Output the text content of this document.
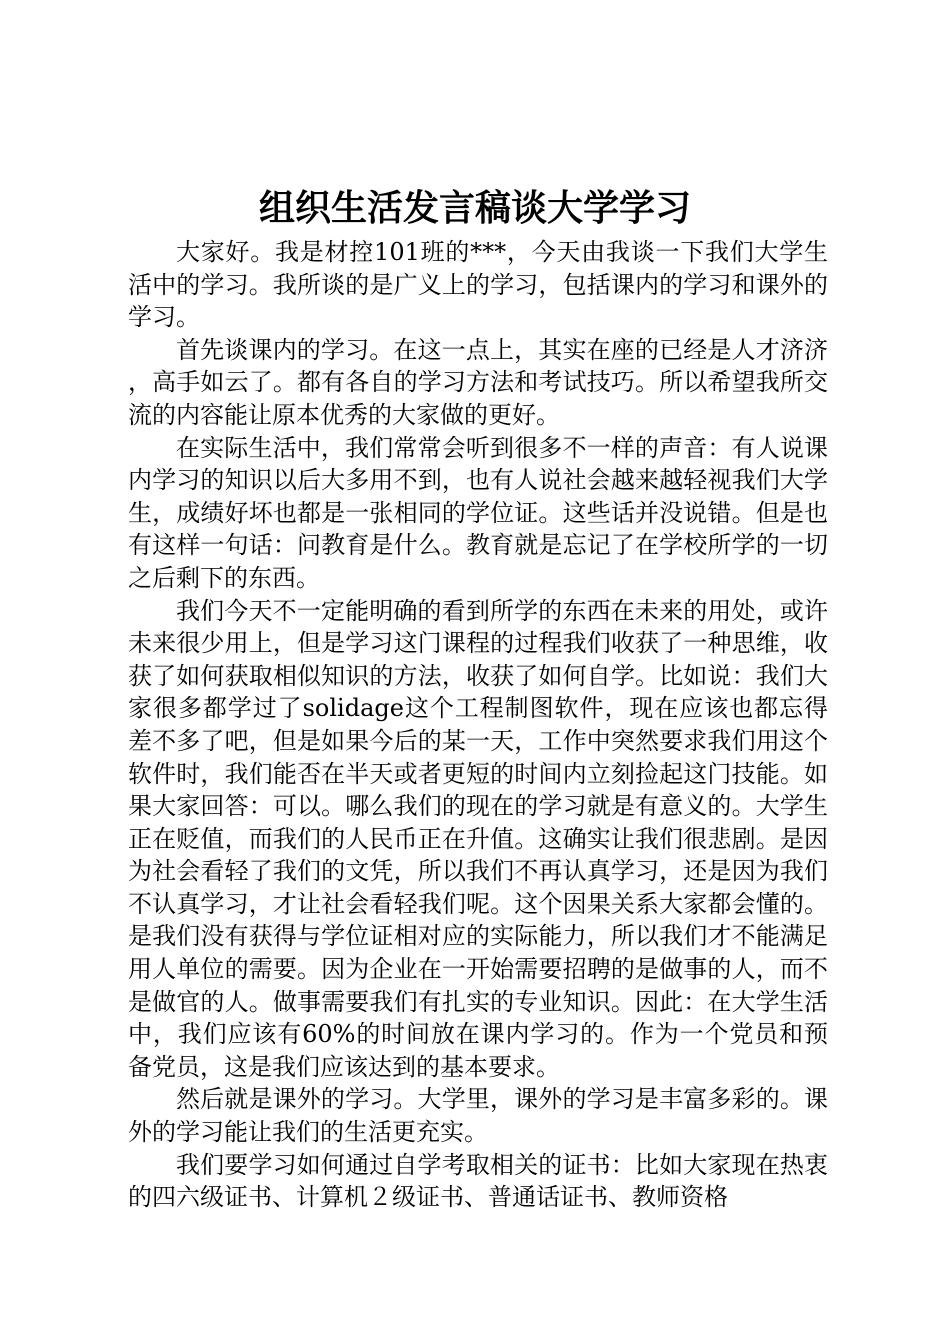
组织生活发言稿谈大学学习

大家好。我是材控101班的***，今天由我谈一下我们大学生活中的学习。我所谈的是广义上的学习，包括课内的学习和课外的学习。

首先谈课内的学习。在这一点上，其实在座的已经是人才济济，高手如云了。都有各自的学习方法和考试技巧。所以希望我所交流的内容能让原本优秀的大家做的更好。

在实际生活中，我们常常会听到很多不一样的声音：有人说课内学习的知识以后大多用不到，也有人说社会越来越轻视我们大学生，成绩好坏也都是一张相同的学位证。这些话并没说错。但是也有这样一句话：问教育是什么。教育就是忘记了在学校所学的一切之后剩下的东西。

我们今天不一定能明确的看到所学的东西在未来的用处，或许未来很少用上，但是学习这门课程的过程我们收获了一种思维，收获了如何获取相似知识的方法，收获了如何自学。比如说：我们大家很多都学过了solidage这个工程制图软件，现在应该也都忘得差不多了吧，但是如果今后的某一天，工作中突然要求我们用这个软件时，我们能否在半天或者更短的时间内立刻捡起这门技能。如果大家回答：可以。哪么我们的现在的学习就是有意义的。大学生正在贬值，而我们的人民币正在升值。这确实让我们很悲剧。是因为社会看轻了我们的文凭，所以我们不再认真学习，还是因为我们不认真学习，才让社会看轻我们呢。这个因果关系大家都会懂的。是我们没有获得与学位证相对应的实际能力，所以我们才不能满足用人单位的需要。因为企业在一开始需要招聘的是做事的人，而不是做官的人。做事需要我们有扎实的专业知识。因此：在大学生活中，我们应该有60%的时间放在课内学习的。作为一个党员和预备党员，这是我们应该达到的基本要求。

然后就是课外的学习。大学里，课外的学习是丰富多彩的。课外的学习能让我们的生活更充实。

我们要学习如何通过自学考取相关的证书：比如大家现在热衷的四六级证书、计算机２级证书、普通话证书、教师资格
